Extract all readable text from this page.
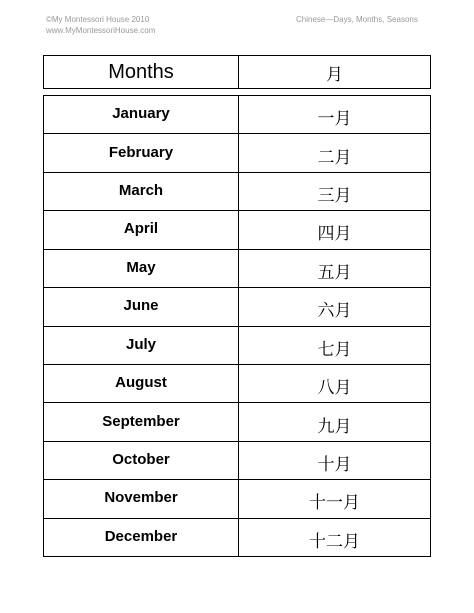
©My Montessori House 2010
www.MyMontessoriHouse.com
Chinese—Days, Months, Seasons
Months	月
January	一月
February	二月
March	三月
April	四月
May	五月
June	六月
July	七月
August	八月
September	九月
October	十月
November	十一月
December	十二月
